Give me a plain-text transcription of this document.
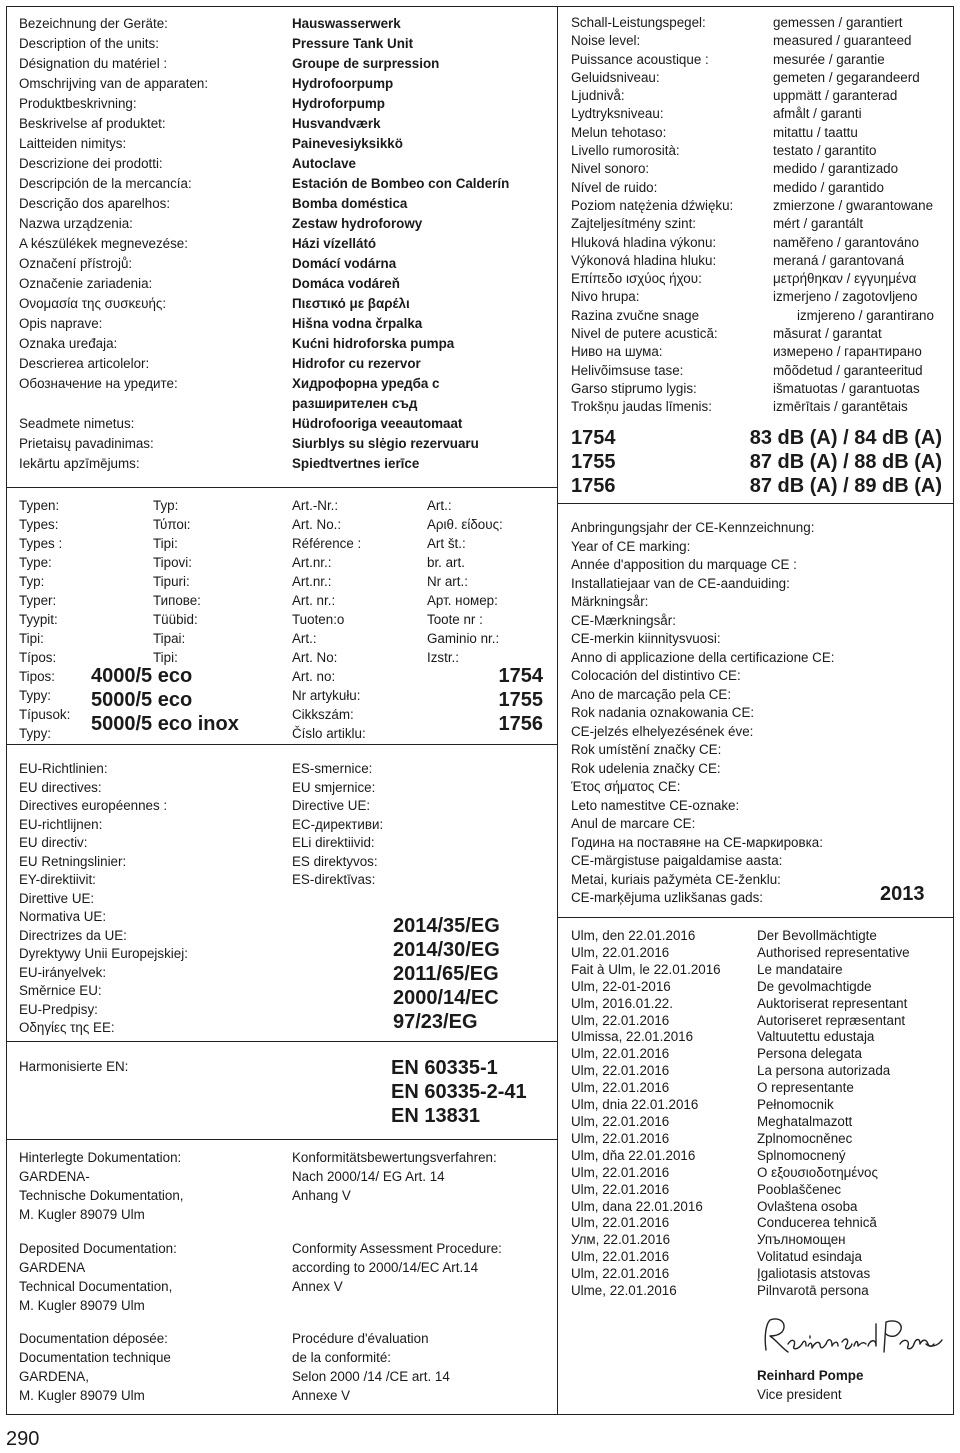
Bezeichnung der Geräte:
Description of the units:
Désignation du matériel :
Omschrijving van de apparaten:
Produktbeskrivning:
Beskrivelse af produktet:
Laitteiden nimitys:
Descrizione dei prodotti:
Descripción de la mercancía:
Descrição dos aparelhos:
Nazwa urządzenia:
A készülékek megnevezése:
Označení přístrojů:
Označenie zariadenia:
Ονομασία της συσκευής:
Opis naprave:
Oznaka uređaja:
Descrierea articolelor:
Обозначение на уредите:

Seadmete nimetus:
Prietaisų pavadinimas:
Iekārtu apzīmējums:
Hauswasserwerk
Pressure Tank Unit
Groupe de surpression
Hydrofoorpump
Hydroforpump
Husvandværk
Painevesiyksikkö
Autoclave
Estación de Bombeo con Calderín
Bomba doméstica
Zestaw hydroforowy
Házi vízellátó
Domácí vodárna
Domáca vodáreň
Πιεστικό με βαρέλι
Hišna vodna črpalka
Kućni hidroforska pumpa
Hidrofor cu rezervor
Хидрофорна уредба с
разширителен съд
Hüdrofooriga veeautomaat
Siurblys su slėgio rezervuaru
Spiedtvertnes ierīce
Typen:
Types:
Types :
Type:
Typ:
Typer:
Tyypit:
Tipi:
Típos:
Tipos:
Typy:
Típusok:
Typy:
Typ:
Τύποι:
Tipi:
Tipovi:
Tipuri:
Типове:
Tüübid:
Tipai:
Tipi:
4000/5 eco
5000/5 eco
5000/5 eco inox
Art.-Nr.:
Art. No.:
Référence :
Art.nr.:
Art.nr.:
Art. nr.:
Tuoten:o
Art.:
Art. No:
Art. no:
Nr artykułu:
Cikkszám:
Číslo artiklu:
Art.:
Αριθ. είδους:
Art št.:
br. art.
Nr art.:
Арт. номер:
Toote nr :
Gaminio nr.:
Izstr.:
1754
1755
1756
EU-Richtlinien:
EU directives:
Directives européennes :
EU-richtlijnen:
EU directiv:
EU Retningslinier:
EY-direktiivit:
Direttive UE:
Normativa UE:
Directrizes da UE:
Dyrektywy Unii Europejskiej:
EU-irányelvek:
Směrnice EU:
EU-Predpisy:
Οδηγίες της ΕΕ:
ES-smernice:
EU smjernice:
Directive UE:
ЕС-директиви:
ELi direktiivid:
ES direktyvos:
ES-direktīvas:
2014/35/EG
2014/30/EG
2011/65/EG
2000/14/EC
97/23/EG
Harmonisierte EN:	EN 60335-1
EN 60335-2-41
EN 13831
Hinterlegte Dokumentation:
GARDENA-
Technische Dokumentation,
M. Kugler 89079 Ulm
Deposited Documentation:
GARDENA
Technical Documentation,
M. Kugler 89079 Ulm
Documentation déposée:
Documentation technique
GARDENA,
M. Kugler 89079 Ulm
Konformitätsbewertungsverfahren:
Nach 2000/14/ EG Art. 14
Anhang V
Conformity Assessment Procedure:
according to 2000/14/EC Art.14
Annex V
Procédure d'évaluation
de la conformité:
Selon 2000 /14 /CE art. 14
Annexe V
Schall-Leistungspegel:
Noise level:
Puissance acoustique :
Geluidsniveau:
Ljudnivå:
Lydtryksniveau:
Melun tehotaso:
Livello rumorosità:
Nivel sonoro:
Nível de ruido:
Poziom natężenia dźwięku:
Zajteljesítmény szint:
Hluková hladina výkonu:
Výkonová hladina hluku:
Επίπεδο ισχύος ήχου:
Nivo hrupa:
Razina zvučne snage
Nivel de putere acustică:
Ниво на шума:
Helivõimsuse tase:
Garso stiprumo lygis:
Trokšņu jaudas līmenis:
gemessen / garantiert
measured / guaranteed
mesurée / garantie
gemeten / gegarandeerd
uppmätt / garanterad
afmålt / garanti
mitattu / taattu
testato / garantito
medido / garantizado
medido / garantido
zmierzone / gwarantowane
mért / garantált
naměřeno / garantováno
meraná / garantovaná
μετρήθηκαν / εγγυημένα
izmerjeno / zagotovljeno
izmjereno / garantirano
măsurat / garantat
измерено / гарантирано
mõõdetud / garanteeritud
išmatuotas / garantuotas
izmērītais / garantētais
1754
1755
1756
83 dB (A) / 84 dB (A)
87 dB (A) / 88 dB (A)
87 dB (A) / 89 dB (A)
Anbringungsjahr der CE-Kennzeichnung:
Year of CE marking:
Année d'apposition du marquage CE :
Installatiejaar van de CE-aanduiding:
Märkningsår:
CE-Mærkningsår:
CE-merkin kiinnitysvuosi:
Anno di applicazione della certificazione CE:
Colocación del distintivo CE:
Ano de marcação pela CE:
Rok nadania oznakowania CE:
CE-jelzés elhelyezésének éve:
Rok umístění značky CE:
Rok udelenia značky CE:
Έτος σήματος CE:
Leto namestitve CE-oznake:
Anul de marcare CE:
Година на поставяне на СЕ-маркировка:
CE-märgistuse paigaldamise aasta:
Metai, kuriais pažymėta CE-ženklu:
CE-marķējuma uzlikšanas gads:	2013
Ulm, den 22.01.2016
Ulm, 22.01.2016
Fait à Ulm, le 22.01.2016
Ulm, 22-01-2016
Ulm, 2016.01.22.
Ulm, 22.01.2016
Ulmissa, 22.01.2016
Ulm, 22.01.2016
Ulm, 22.01.2016
Ulm, 22.01.2016
Ulm, dnia 22.01.2016
Ulm, 22.01.2016
Ulm, 22.01.2016
Ulm, dňa 22.01.2016
Ulm, 22.01.2016
Ulm, 22.01.2016
Ulm, dana 22.01.2016
Ulm, 22.01.2016
Улм, 22.01.2016
Ulm, 22.01.2016
Ulm, 22.01.2016
Ulme, 22.01.2016
Der Bevollmächtigte
Authorised representative
Le mandataire
De gevolmachtigde
Auktoriserat representant
Autoriseret repræsentant
Valtuutettu edustaja
Persona delegata
La persona autorizada
O representante
Pełnomocnik
Meghatalmazott
Zplnomocněnec
Splnomocnený
Ο εξουσιοδοτημένος
Pooblaščenec
Ovlaštena osoba
Conducerea tehnică
Упълномощен
Volitatud esindaja
Įgaliotasis atstovas
Pilnvarotā persona
Reinhard Pompe
Vice president
290
